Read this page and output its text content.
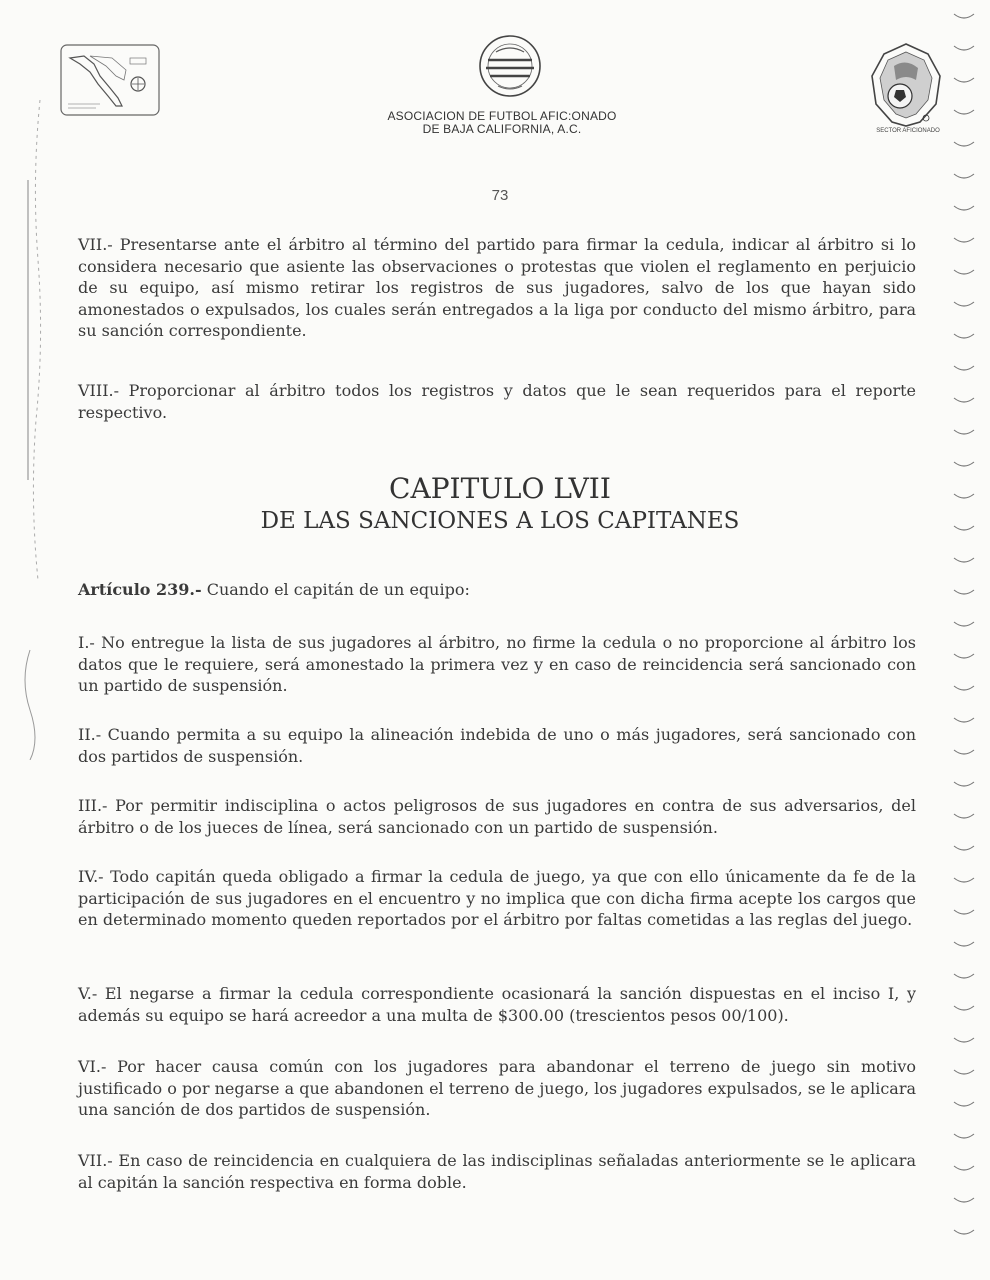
SECTOR AFICIONADO
ASOCIACION DE FUTBOL AFIC:ONADO
DE BAJA CALIFORNIA, A.C.
73

VII.- Presentarse ante el árbitro al término del partido para firmar la cedula, indicar al árbitro si lo considera necesario que asiente las observaciones o protestas que violen el reglamento en perjuicio de su equipo, así mismo retirar los registros de sus jugadores, salvo de los que hayan sido amonestados o expulsados, los cuales serán entregados a la liga por conducto del mismo árbitro, para su sanción correspondiente.

VIII.- Proporcionar al árbitro todos los registros y datos que le sean requeridos para el reporte respectivo.

CAPITULO LVII
DE LAS SANCIONES A LOS CAPITANES
Artículo 239.- Cuando el capitán de un equipo:

I.- No entregue la lista de sus jugadores al árbitro, no firme la cedula o no proporcione al árbitro los datos que le requiere, será amonestado la primera vez y en caso de reincidencia será sancionado con un partido de suspensión.

II.- Cuando permita a su equipo la alineación indebida de uno o más jugadores, será sancionado con dos partidos de suspensión.

III.- Por permitir indisciplina o actos peligrosos de sus jugadores en contra de sus adversarios, del árbitro o de los jueces de línea, será sancionado con un partido de suspensión.

IV.- Todo capitán queda obligado a firmar la cedula de juego, ya que con ello únicamente da fe de la participación de sus jugadores en el encuentro y no implica que con dicha firma acepte los cargos que en determinado momento queden reportados por el árbitro por faltas cometidas a las reglas del juego.

V.- El negarse a firmar la cedula correspondiente ocasionará la sanción dispuestas en el inciso I, y además su equipo se hará acreedor a una multa de $300.00 (trescientos pesos 00/100).

VI.- Por hacer causa común con los jugadores para abandonar el terreno de juego sin motivo justificado o por negarse a que abandonen el terreno de juego, los jugadores expulsados, se le aplicara una sanción de dos partidos de suspensión.

VII.- En caso de reincidencia en cualquiera de las indisciplinas señaladas anteriormente se le aplicara al capitán la sanción respectiva en forma doble.
